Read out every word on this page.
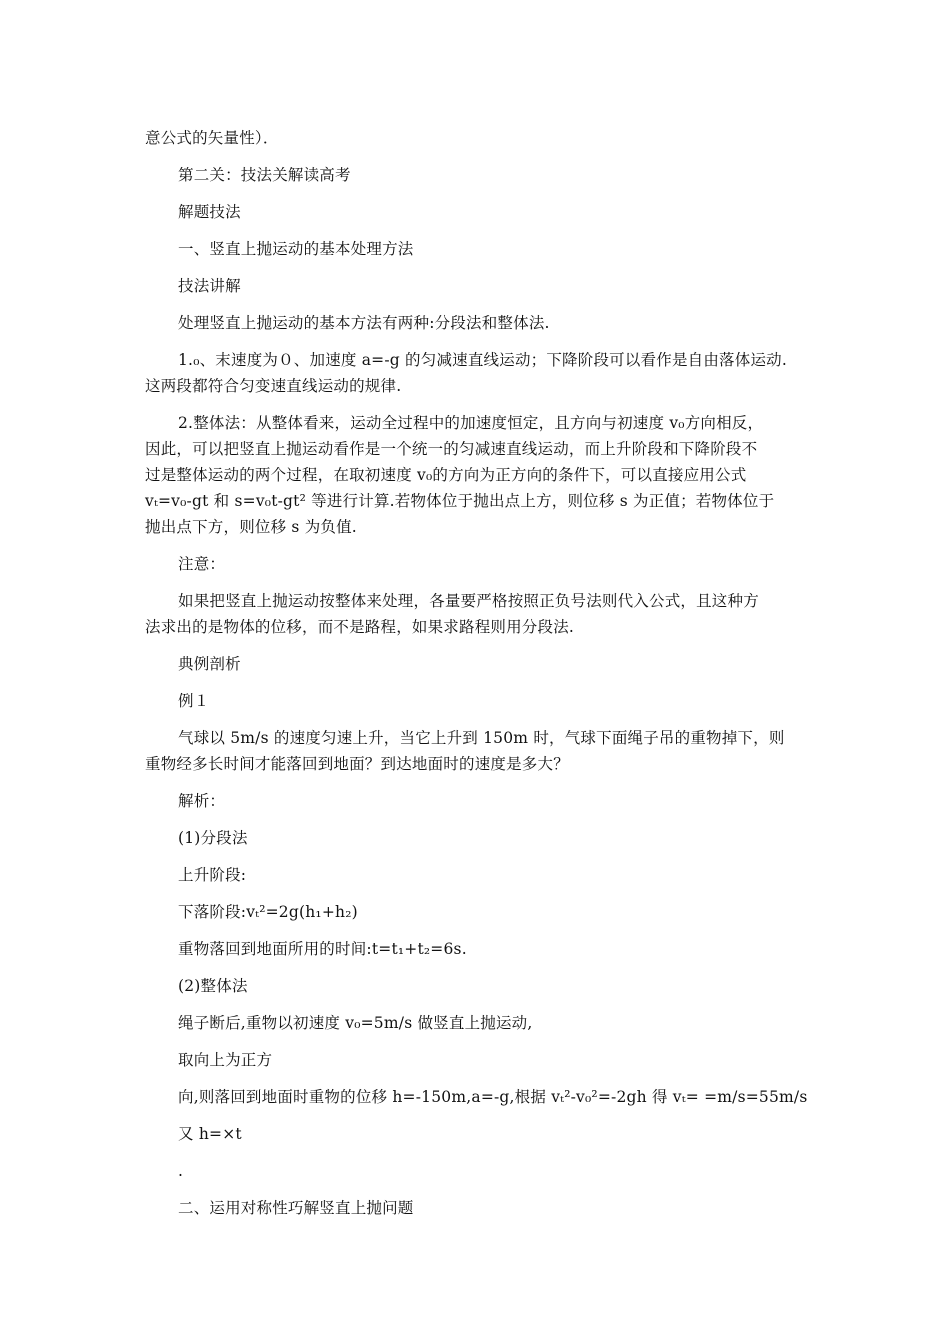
意公式的矢量性）．
第二关：技法关解读高考
解题技法
一、竖直上抛运动的基本处理方法
技法讲解
处理竖直上抛运动的基本方法有两种:分段法和整体法.
1.₀、末速度为０、加速度 a=-g 的匀减速直线运动；下降阶段可以看作是自由落体运动.
这两段都符合匀变速直线运动的规律.
2.整体法：从整体看来，运动全过程中的加速度恒定，且方向与初速度 v₀方向相反，
因此，可以把竖直上抛运动看作是一个统一的匀减速直线运动，而上升阶段和下降阶段不
过是整体运动的两个过程，在取初速度 v₀的方向为正方向的条件下，可以直接应用公式
vₜ=v₀-gt 和 s=v₀t-gt² 等进行计算.若物体位于抛出点上方，则位移 s 为正值；若物体位于
抛出点下方，则位移 s 为负值.
注意：
如果把竖直上抛运动按整体来处理，各量要严格按照正负号法则代入公式，且这种方
法求出的是物体的位移，而不是路程，如果求路程则用分段法.
典例剖析
例１
气球以 5m/s 的速度匀速上升，当它上升到 150m 时，气球下面绳子吊的重物掉下，则
重物经多长时间才能落回到地面？到达地面时的速度是多大？
解析：
(1)分段法
上升阶段:
下落阶段:vₜ²=2g(h₁+h₂)
重物落回到地面所用的时间:t=t₁+t₂=6s.
(2)整体法
绳子断后,重物以初速度 v₀=5m/s 做竖直上抛运动,
取向上为正方
向,则落回到地面时重物的位移 h=-150m,a=-g,根据 vₜ²-v₀²=-2gh 得 vₜ= =m/s=55m/s
又 h=×t
.
二、运用对称性巧解竖直上抛问题
